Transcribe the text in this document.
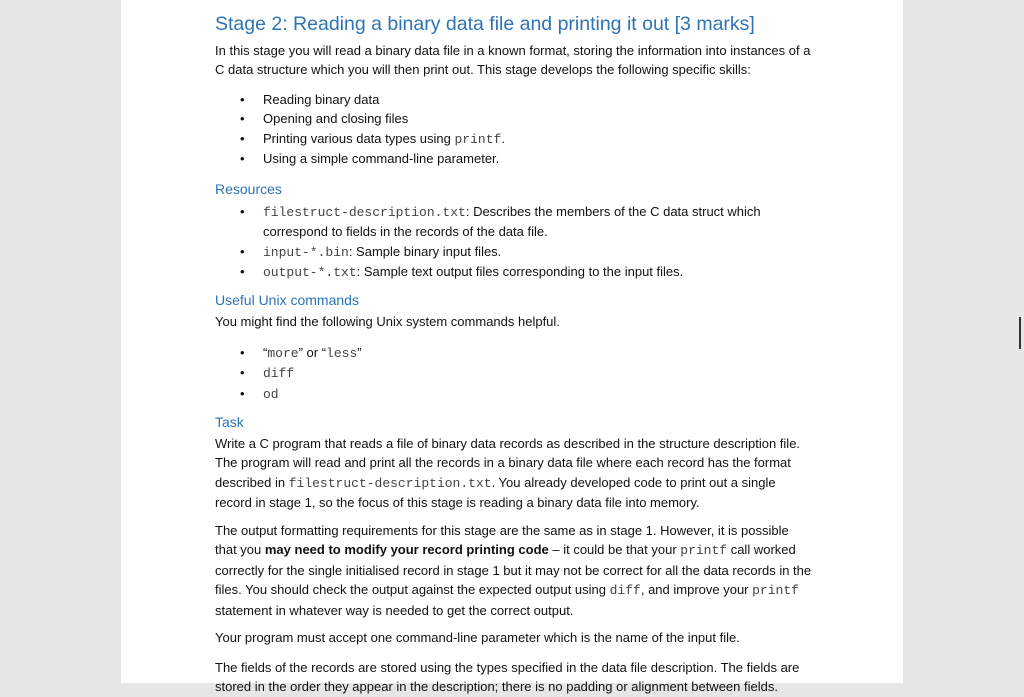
Stage 2: Reading a binary data file and printing it out [3 marks]

In this stage you will read a binary data file in a known format, storing the information into instances of a C data structure which you will then print out. This stage develops the following specific skills:

• Reading binary data
• Opening and closing files
• Printing various data types using printf.
• Using a simple command-line parameter.
Resources
• filestruct-description.txt: Describes the members of the C data struct which correspond to fields in the records of the data file.
• input-*.bin: Sample binary input files.
• output-*.txt: Sample text output files corresponding to the input files.
Useful Unix commands

You might find the following Unix system commands helpful.

• “more” or “less”
• diff
• od
Task

Write a C program that reads a file of binary data records as described in the structure description file. The program will read and print all the records in a binary data file where each record has the format described in filestruct-description.txt. You already developed code to print out a single record in stage 1, so the focus of this stage is reading a binary data file into memory.

The output formatting requirements for this stage are the same as in stage 1. However, it is possible that you may need to modify your record printing code – it could be that your printf call worked correctly for the single initialised record in stage 1 but it may not be correct for all the data records in the files. You should check the output against the expected output using diff, and improve your printf statement in whatever way is needed to get the correct output.

Your program must accept one command-line parameter which is the name of the input file.

The fields of the records are stored using the types specified in the data file description. The fields are stored in the order they appear in the description; there is no padding or alignment between fields.
